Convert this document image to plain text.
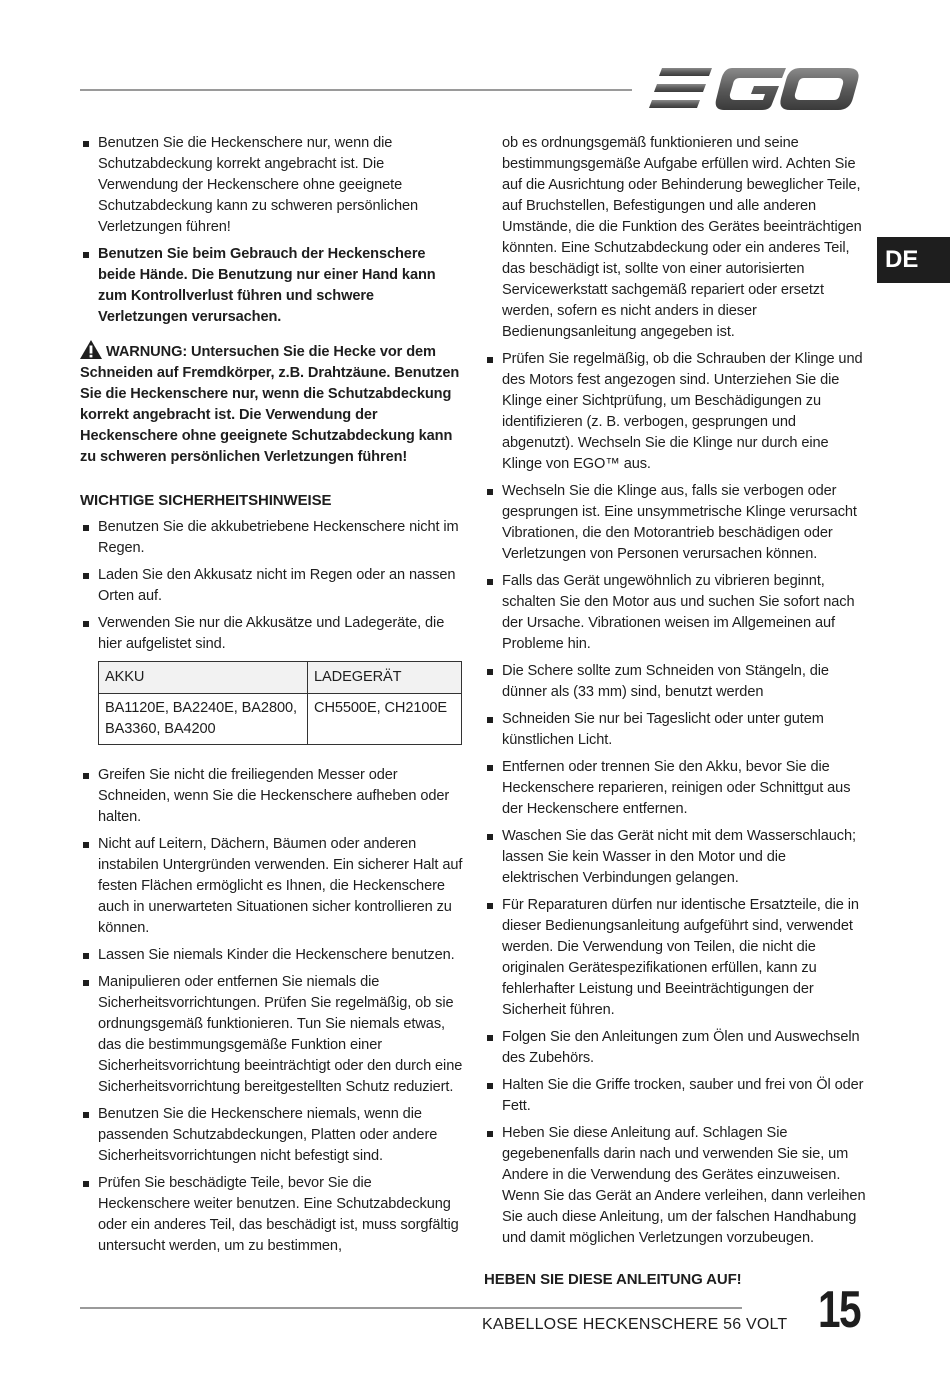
DE
Benutzen Sie die Heckenschere nur, wenn die Schutzabdeckung korrekt angebracht ist. Die Verwendung der Heckenschere ohne geeignete Schutzabdeckung kann zu schweren persönlichen Verletzungen führen!
Benutzen Sie beim Gebrauch der Heckenschere beide Hände. Die Benutzung nur einer Hand kann zum Kontrollverlust führen und schwere Verletzungen verursachen.
WARNUNG: Untersuchen Sie die Hecke vor dem Schneiden auf Fremdkörper, z.B. Drahtzäune. Benutzen Sie die Heckenschere nur, wenn die Schutzabdeckung korrekt angebracht ist. Die Verwendung der Heckenschere ohne geeignete Schutzabdeckung kann zu schweren persönlichen Verletzungen führen!
WICHTIGE SICHERHEITSHINWEISE
Benutzen Sie die akkubetriebene Heckenschere nicht im Regen.
Laden Sie den Akkusatz nicht im Regen oder an nassen Orten auf.
Verwenden Sie nur die Akkusätze und Ladegeräte, die hier aufgelistet sind.
AKKU	LADEGERÄT
BA1120E, BA2240E, BA2800, BA3360, BA4200	CH5500E, CH2100E
Greifen Sie nicht die freiliegenden Messer oder Schneiden, wenn Sie die Heckenschere aufheben oder halten.
Nicht auf Leitern, Dächern, Bäumen oder anderen instabilen Untergründen verwenden. Ein sicherer Halt auf festen Flächen ermöglicht es Ihnen, die Heckenschere auch in unerwarteten Situationen sicher kontrollieren zu können.
Lassen Sie niemals Kinder die Heckenschere benutzen.
Manipulieren oder entfernen Sie niemals die Sicherheitsvorrichtungen. Prüfen Sie regelmäßig, ob sie ordnungsgemäß funktionieren. Tun Sie niemals etwas, das die bestimmungsgemäße Funktion einer Sicherheitsvorrichtung beeinträchtigt oder den durch eine Sicherheitsvorrichtung bereitgestellten Schutz reduziert.
Benutzen Sie die Heckenschere niemals, wenn die passenden Schutzabdeckungen, Platten oder andere Sicherheitsvorrichtungen nicht befestigt sind.
Prüfen Sie beschädigte Teile, bevor Sie die Heckenschere weiter benutzen. Eine Schutzabdeckung oder ein anderes Teil, das beschädigt ist, muss sorgfältig untersucht werden, um zu bestimmen,
ob es ordnungsgemäß funktionieren und seine bestimmungsgemäße Aufgabe erfüllen wird. Achten Sie auf die Ausrichtung oder Behinderung beweglicher Teile, auf Bruchstellen, Befestigungen und alle anderen Umstände, die die Funktion des Gerätes beeinträchtigen könnten. Eine Schutzabdeckung oder ein anderes Teil, das beschädigt ist, sollte von einer autorisierten Servicewerkstatt sachgemäß repariert oder ersetzt werden, sofern es nicht anders in dieser Bedienungsanleitung angegeben ist.
Prüfen Sie regelmäßig, ob die Schrauben der Klinge und des Motors fest angezogen sind. Unterziehen Sie die Klinge einer Sichtprüfung, um Beschädigungen zu identifizieren (z. B. verbogen, gesprungen und abgenutzt). Wechseln Sie die Klinge nur durch eine Klinge von EGO™ aus.
Wechseln Sie die Klinge aus, falls sie verbogen oder gesprungen ist. Eine unsymmetrische Klinge verursacht Vibrationen, die den Motorantrieb beschädigen oder Verletzungen von Personen verursachen können.
Falls das Gerät ungewöhnlich zu vibrieren beginnt, schalten Sie den Motor aus und suchen Sie sofort nach der Ursache. Vibrationen weisen im Allgemeinen auf Probleme hin.
Die Schere sollte zum Schneiden von Stängeln, die dünner als (33 mm) sind, benutzt werden
Schneiden Sie nur bei Tageslicht oder unter gutem künstlichen Licht.
Entfernen oder trennen Sie den Akku, bevor Sie die Heckenschere reparieren, reinigen oder Schnittgut aus der Heckenschere entfernen.
Waschen Sie das Gerät nicht mit dem Wasserschlauch; lassen Sie kein Wasser in den Motor und die elektrischen Verbindungen gelangen.
Für Reparaturen dürfen nur identische Ersatzteile, die in dieser Bedienungsanleitung aufgeführt sind, verwendet werden. Die Verwendung von Teilen, die nicht die originalen Gerätespezifikationen erfüllen, kann zu fehlerhafter Leistung und Beeinträchtigungen der Sicherheit führen.
Folgen Sie den Anleitungen zum Ölen und Auswechseln des Zubehörs.
Halten Sie die Griffe trocken, sauber und frei von Öl oder Fett.
Heben Sie diese Anleitung auf. Schlagen Sie gegebenenfalls darin nach und verwenden Sie sie, um Andere in die Verwendung des Gerätes einzuweisen. Wenn Sie das Gerät an Andere verleihen, dann verleihen Sie auch diese Anleitung, um der falschen Handhabung und damit möglichen Verletzungen vorzubeugen.
HEBEN SIE DIESE ANLEITUNG AUF!
KABELLOSE HECKENSCHERE 56 VOLT 15
